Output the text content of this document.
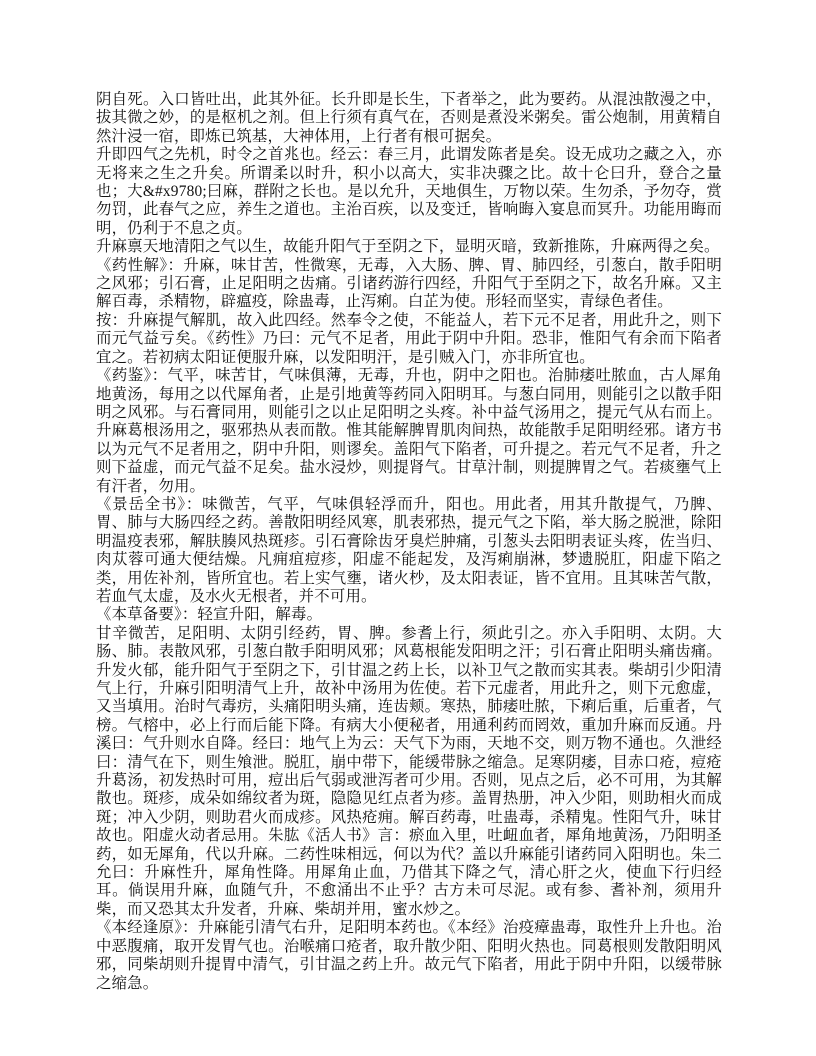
阴自死。入口皆吐出，此其外征。长升即是长生，下者举之，此为要药。从混浊散漫之中，拔其微之妙，的是枢机之剂。但上行须有真气在，否则是煮没米粥矣。雷公炮制，用黄精自然汁浸一宿，即炼已筑基，大神体用，上行者有根可据矣。

升即四气之先机，时令之首兆也。经云：春三月，此谓发陈者是矣。设无成功之藏之入，亦无将来之生之升矣。所谓柔以时升，积小以高大，实非决骤之比。故十仑曰升，登合之量也；大&#x9780;曰麻，群附之长也。是以允升，天地俱生，万物以荣。生勿杀，予勿夺，赏勿罚，此春气之应，养生之道也。主治百疾，以及变迁，皆响晦入宴息而冥升。功能用晦而明，仍利于不息之贞。

升麻禀天地清阳之气以生，故能升阳气于至阴之下，显明灭暗，致新推陈，升麻两得之矣。

《药性解》：升麻，味甘苦，性微寒，无毒，入大肠、脾、胃、肺四经，引葱白，散手阳明之风邪；引石膏，止足阳明之齿痛。引诸药游行四经，升阳气于至阴之下，故名升麻。又主解百毒，杀精物，辟瘟疫，除蛊毒，止泻痢。白芷为使。形轻而坚实，青绿色者佳。

按：升麻提气解肌，故入此四经。然奉令之使，不能益人，若下元不足者，用此升之，则下而元气益亏矣。《药性》乃曰：元气不足者，用此于阴中升阳。恐非，惟阳气有余而下陷者宜之。若初病太阳证便服升麻，以发阳明汗，是引贼入门，亦非所宜也。

《药鉴》：气平，味苦甘，气味俱薄，无毒，升也，阴中之阳也。治肺痿吐脓血，古人犀角地黄汤，每用之以代犀角者，止是引地黄等药同入阳明耳。与葱白同用，则能引之以散手阳明之风邪。与石膏同用，则能引之以止足阳明之头疼。补中益气汤用之，提元气从右而上。升麻葛根汤用之，驱邪热从表而散。惟其能解脾胃肌肉间热，故能散手足阳明经邪。诸方书以为元气不足者用之，阴中升阳，则谬矣。盖阳气下陷者，可升提之。若元气不足者，升之则下益虚，而元气益不足矣。盐水浸炒，则提肾气。甘草汁制，则提脾胃之气。若痰壅气上有汗者，勿用。

《景岳全书》：味微苦，气平，气味俱轻浮而升，阳也。用此者，用其升散提气，乃脾、胃、肺与大肠四经之药。善散阳明经风寒，肌表邪热，提元气之下陷，举大肠之脱泄，除阳明温疫表邪，解肤腠风热斑疹。引石膏除齿牙臭烂肿痛，引葱头去阳明表证头疼，佐当归、肉苁蓉可通大便结燥。凡痈疽痘疹，阳虚不能起发，及泻痢崩淋，梦遗脱肛，阳虚下陷之类，用佐补剂，皆所宜也。若上实气壅，诸火杪，及太阳表证，皆不宜用。且其味苦气散，若血气太虚，及水火无根者，并不可用。

《本草备要》：轻宣升阳，解毒。

甘辛微苦，足阳明、太阴引经药，胃、脾。参耆上行，须此引之。亦入手阳明、太阴。大肠、肺。表散风邪，引葱白散手阳明风邪；风葛根能发阳明之汗；引石膏止阳明头痛齿痛。升发火郁，能升阳气于至阴之下，引甘温之药上长，以补卫气之散而实其表。柴胡引少阳清气上行，升麻引阳明清气上升，故补中汤用为佐使。若下元虚者，用此升之，则下元愈虚，又当填用。治时气毒疠，头痛阳明头痛，连齿颊。寒热，肺痿吐脓，下痢后重，后重者，气榜。气榕中，必上行而后能下降。有病大小便秘者，用通利药而罔效，重加升麻而反通。丹溪曰：气升则水自降。经曰：地气上为云：天气下为雨，天地不交，则万物不通也。久泄经曰：清气在下，则生飧泄。脱肛，崩中带下，能缓带脉之缩急。足寒阴痿，目赤口疮，痘疮升葛汤，初发热时可用，痘出后气弱或泄泻者可少用。否则，见点之后，必不可用，为其解散也。斑疹，成朵如绵纹者为斑，隐隐见红点者为疹。盖胃热册，冲入少阳，则助相火而成斑；冲入少阴，则助君火而成疹。风热疮痈。解百药毒，吐蛊毒，杀精鬼。性阳气升，味甘故也。阳虚火动者忌用。朱肱《活人书》言：瘀血入里，吐衄血者，犀角地黄汤，乃阳明圣药，如无犀角，代以升麻。二药性味相远，何以为代？盖以升麻能引诸药同入阳明也。朱二允曰：升麻性升，犀角性降。用犀角止血，乃借其下降之气，清心肝之火，使血下行归经耳。倘误用升麻，血随气升，不愈涌出不止乎？古方未可尽泥。或有参、耆补剂，须用升柴，而又恐其太升发者，升麻、柴胡并用，蜜水炒之。

《本经逢原》：升麻能引清气右升，足阳明本药也。《本经》治疫瘴蛊毒，取性升上升也。治中恶腹痛，取开发胃气也。治喉痛口疮者，取升散少阳、阳明火热也。同葛根则发散阳明风邪，同柴胡则升提胃中清气，引甘温之药上升。故元气下陷者，用此于阴中升阳，以缓带脉之缩急。
